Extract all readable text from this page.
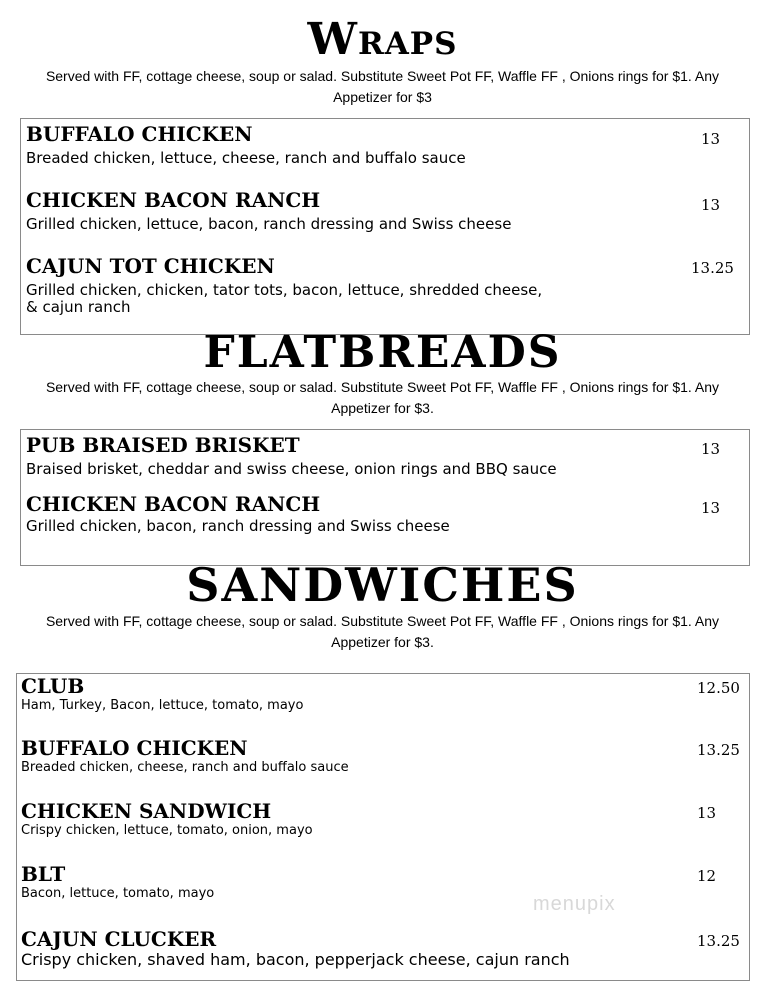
Wraps
Served with FF, cottage cheese, soup or salad. Substitute Sweet Pot FF, Waffle FF , Onions rings for $1. Any Appetizer for $3
BUFFALO CHICKEN
Breaded chicken, lettuce, cheese, ranch and buffalo sauce
13
CHICKEN BACON RANCH
Grilled chicken, lettuce, bacon, ranch dressing and Swiss cheese
13
CAJUN TOT CHICKEN
Grilled chicken, chicken, tator tots, bacon, lettuce, shredded cheese,
& cajun ranch
13.25
FLATBREADS
Served with FF, cottage cheese, soup or salad. Substitute Sweet Pot FF, Waffle FF , Onions rings for $1. Any Appetizer for $3.
PUB BRAISED BRISKET
Braised brisket, cheddar and swiss cheese, onion rings and BBQ sauce
13
CHICKEN BACON RANCH
Grilled chicken, bacon, ranch dressing and Swiss cheese
13
SANDWICHES
Served with FF, cottage cheese, soup or salad. Substitute Sweet Pot FF, Waffle FF , Onions rings for $1. Any Appetizer for $3.
CLUB
Ham, Turkey, Bacon, lettuce, tomato, mayo
12.50
BUFFALO CHICKEN
Breaded chicken, cheese, ranch and buffalo sauce
13.25
CHICKEN SANDWICH
Crispy chicken, lettuce, tomato, onion, mayo
13
BLT
Bacon, lettuce, tomato, mayo
12
CAJUN CLUCKER
Crispy chicken, shaved ham, bacon, pepperjack cheese, cajun ranch
13.25
menupix
